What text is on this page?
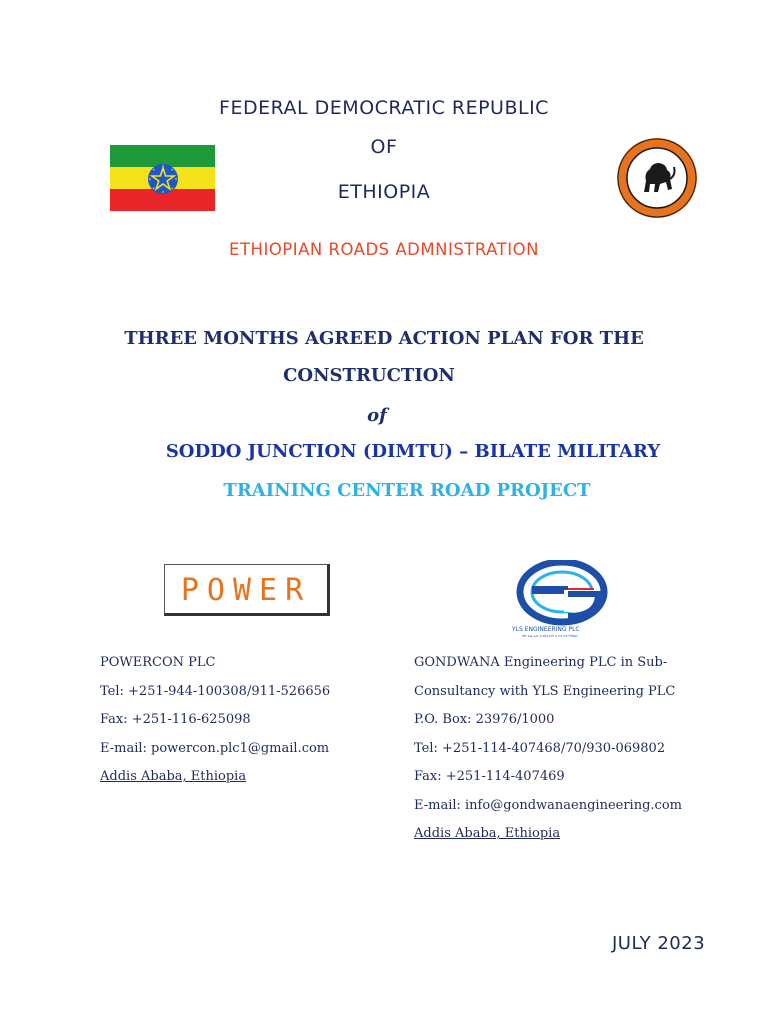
FEDERAL DEMOCRATIC REPUBLIC
OF
ETHIOPIA
ETHIOPIAN ROADS ADMNISTRATION
THREE MONTHS AGREED ACTION PLAN FOR THE
CONSTRUCTION
of
SODDO JUNCTION (DIMTU) – BILATE MILITARY
TRAINING CENTER ROAD PROJECT
POWER
YLS ENGINEERING PLC
ዋይ ኤል ኤስ ኢንጂነሪንግ ኃ.የተ.የግ.ማህበር
POWERCON PLC
Tel: +251-944-100308/911-526656
Fax: +251-116-625098
E-mail: powercon.plc1@gmail.com
Addis Ababa, Ethiopia
GONDWANA Engineering PLC in Sub-
Consultancy with YLS Engineering PLC
P.O. Box: 23976/1000
Tel: +251-114-407468/70/930-069802
Fax: +251-114-407469
E-mail: info@gondwanaengineering.com
Addis Ababa, Ethiopia
JULY 2023
